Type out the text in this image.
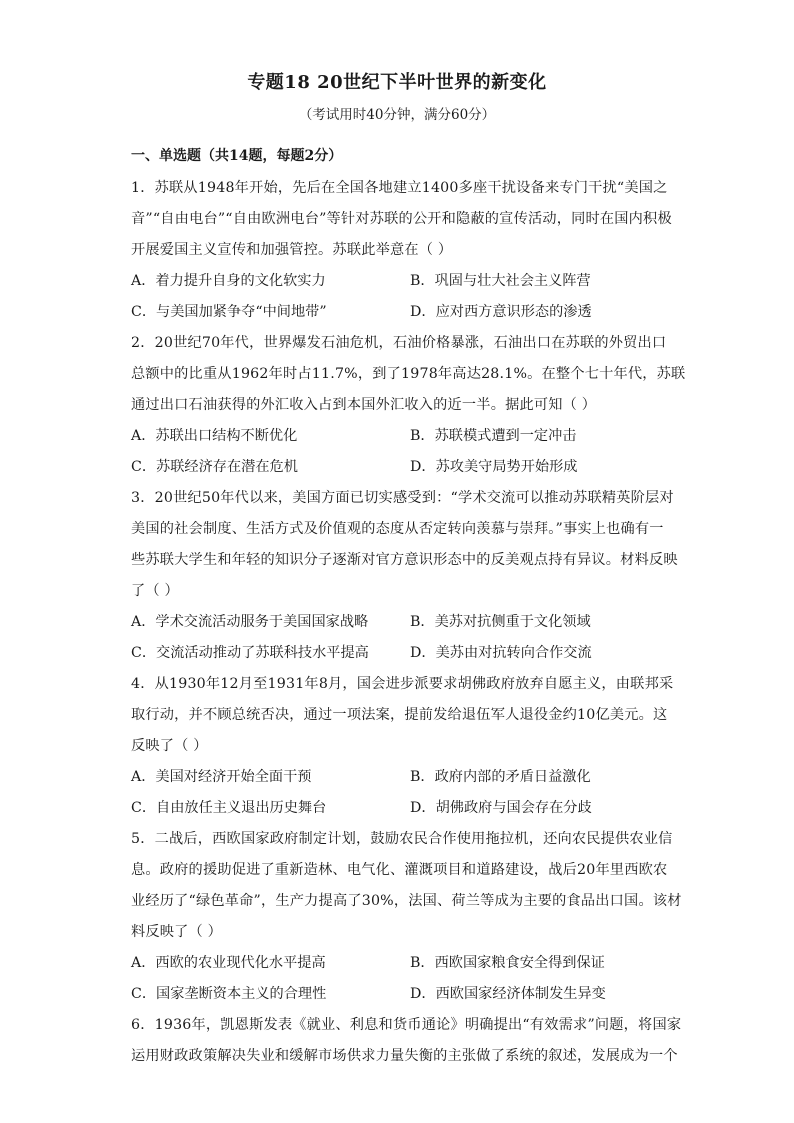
专题18 20世纪下半叶世界的新变化
（考试用时40分钟，满分60分）
一、单选题（共14题，每题2分）
1．苏联从1948年开始，先后在全国各地建立1400多座干扰设备来专门干扰“美国之
音”“自由电台”“自由欧洲电台”等针对苏联的公开和隐蔽的宣传活动，同时在国内积极
开展爱国主义宣传和加强管控。苏联此举意在（ ）
A．着力提升自身的文化软实力	B．巩固与壮大社会主义阵营
C．与美国加紧争夺“中间地带”	D．应对西方意识形态的渗透
2．20世纪70年代，世界爆发石油危机，石油价格暴涨，石油出口在苏联的外贸出口
总额中的比重从1962年时占11.7%，到了1978年高达28.1%。在整个七十年代，苏联
通过出口石油获得的外汇收入占到本国外汇收入的近一半。据此可知（ ）
A．苏联出口结构不断优化	B．苏联模式遭到一定冲击
C．苏联经济存在潜在危机	D．苏攻美守局势开始形成
3．20世纪50年代以来，美国方面已切实感受到：“学术交流可以推动苏联精英阶层对
美国的社会制度、生活方式及价值观的态度从否定转向羡慕与崇拜。”事实上也确有一
些苏联大学生和年轻的知识分子逐渐对官方意识形态中的反美观点持有异议。材料反映
了（ ）
A．学术交流活动服务于美国国家战略	B．美苏对抗侧重于文化领域
C．交流活动推动了苏联科技水平提高	D．美苏由对抗转向合作交流
4．从1930年12月至1931年8月，国会进步派要求胡佛政府放弃自愿主义，由联邦采
取行动，并不顾总统否决，通过一项法案，提前发给退伍军人退役金约10亿美元。这
反映了（ ）
A．美国对经济开始全面干预	B．政府内部的矛盾日益激化
C．自由放任主义退出历史舞台	D．胡佛政府与国会存在分歧
5．二战后，西欧国家政府制定计划，鼓励农民合作使用拖拉机，还向农民提供农业信
息。政府的援助促进了重新造林、电气化、灌溉项目和道路建设，战后20年里西欧农
业经历了“绿色革命”，生产力提高了30%，法国、荷兰等成为主要的食品出口国。该材
料反映了（ ）
A．西欧的农业现代化水平提高	B．西欧国家粮食安全得到保证
C．国家垄断资本主义的合理性	D．西欧国家经济体制发生异变
6．1936年，凯恩斯发表《就业、利息和货币通论》明确提出“有效需求”问题，将国家
运用财政政策解决失业和缓解市场供求力量失衡的主张做了系统的叙述，发展成为一个
